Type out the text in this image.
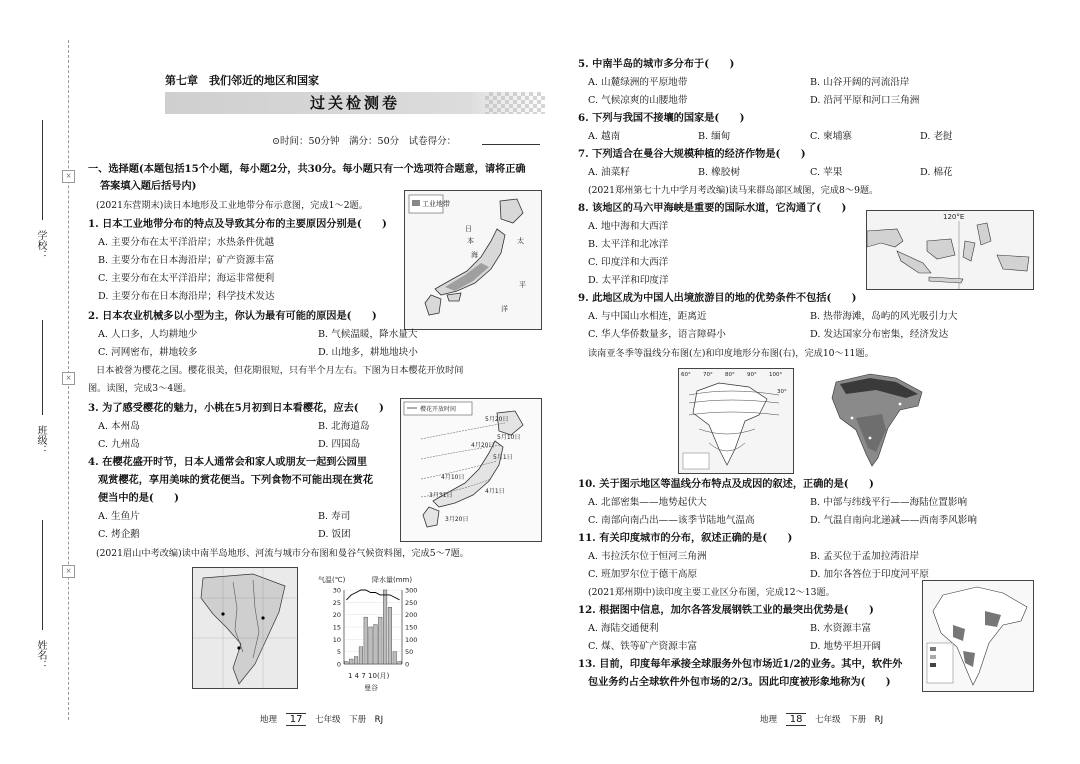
学校：
班级：
姓名：
×
×
×
第七章　我们邻近的地区和国家
过关检测卷
⊙时间：50分钟　满分：50分　试卷得分：
一、选择题(本题包括15个小题，每小题2分，共30分。每小题只有一个选项符合题意，请将正确
答案填入题后括号内)
(2021东营期末)读日本地形及工业地带分布示意图，完成1～2题。
1. 日本工业地带分布的特点及导致其分布的主要原因分别是(　　)
A. 主要分布在太平洋沿岸；水热条件优越
B. 主要分布在日本海沿岸；矿产资源丰富
C. 主要分布在太平洋沿岸；海运非常便利
D. 主要分布在日本海沿岸；科学技术发达
工业地带
日
本
海
太
平
洋
2. 日本农业机械多以小型为主，你认为最有可能的原因是(　　)
A. 人口多，人均耕地少	B. 气候温暖，降水量大
C. 河网密布，耕地较多	D. 山地多，耕地地块小
日本被誉为樱花之国。樱花很美，但花期很短，只有半个月左右。下图为日本樱花开放时间
图。读图，完成3～4题。
3. 为了感受樱花的魅力，小桃在5月初到日本看樱花，应去(　　)
A. 本州岛	B. 北海道岛
C. 九州岛	D. 四国岛
樱花开放时间
5月20日
5月10日
4月20日
5月1日
4月10日
4月1日
3月31日
3月20日
4. 在樱花盛开时节，日本人通常会和家人或朋友一起到公园里
观赏樱花，享用美味的赏花便当。下列食物不可能出现在赏花
便当中的是(　　)
A. 生鱼片	B. 寿司
C. 烤企鹅	D. 饭团
(2021眉山中考改编)读中南半岛地形、河流与城市分布图和曼谷气候资料图，完成5～7题。
气温(℃)	降水量(mm)
30	300
25	250
20	200
15	150
10	100
5	50
0	0
1 4 7 10(月)
曼谷
地理 17 七年级　下册　RJ
5. 中南半岛的城市多分布于(　　)
A. 山麓绿洲的平原地带	B. 山谷开阔的河流沿岸
C. 气候凉爽的山腰地带	D. 沿河平原和河口三角洲
6. 下列与我国不接壤的国家是(　　)
A. 越南	B. 缅甸	C. 柬埔寨	D. 老挝
7. 下列适合在曼谷大规模种植的经济作物是(　　)
A. 油菜籽	B. 橡胶树	C. 苹果	D. 棉花
(2021郑州第七十九中学月考改编)读马来群岛部区域图，完成8～9题。
8. 该地区的马六甲海峡是重要的国际水道，它沟通了(　　)
A. 地中海和大西洋
B. 太平洋和北冰洋
C. 印度洋和大西洋
D. 太平洋和印度洋
120°E
9. 此地区成为中国人出境旅游目的地的优势条件不包括(　　)
A. 与中国山水相连，距离近	B. 热带海滩，岛屿的风光吸引力大
C. 华人华侨数量多，语言障碍小	D. 发达国家分布密集，经济发达
读南亚冬季等温线分布图(左)和印度地形分布图(右)，完成10～11题。
60° 70° 80° 90° 100°
30°
10. 关于图示地区等温线分布特点及成因的叙述，正确的是(　　)
A. 北部密集——地势起伏大	B. 中部与纬线平行——海陆位置影响
C. 南部向南凸出——该季节陆地气温高	D. 气温自南向北递减——西南季风影响
11. 有关印度城市的分布，叙述正确的是(　　)
A. 韦拉沃尔位于恒河三角洲	B. 孟买位于孟加拉湾沿岸
C. 班加罗尔位于德干高原	D. 加尔各答位于印度河平原
(2021郑州期中)读印度主要工业区分布图，完成12～13题。
12. 根据图中信息，加尔各答发展钢铁工业的最突出优势是(　　)
A. 海陆交通便利	B. 水资源丰富
C. 煤、铁等矿产资源丰富	D. 地势平坦开阔
13. 目前，印度每年承接全球服务外包市场近1/2的业务。其中，软件外
包业务约占全球软件外包市场的2/3。因此印度被形象地称为(　　)
地理 18 七年级　下册　RJ
